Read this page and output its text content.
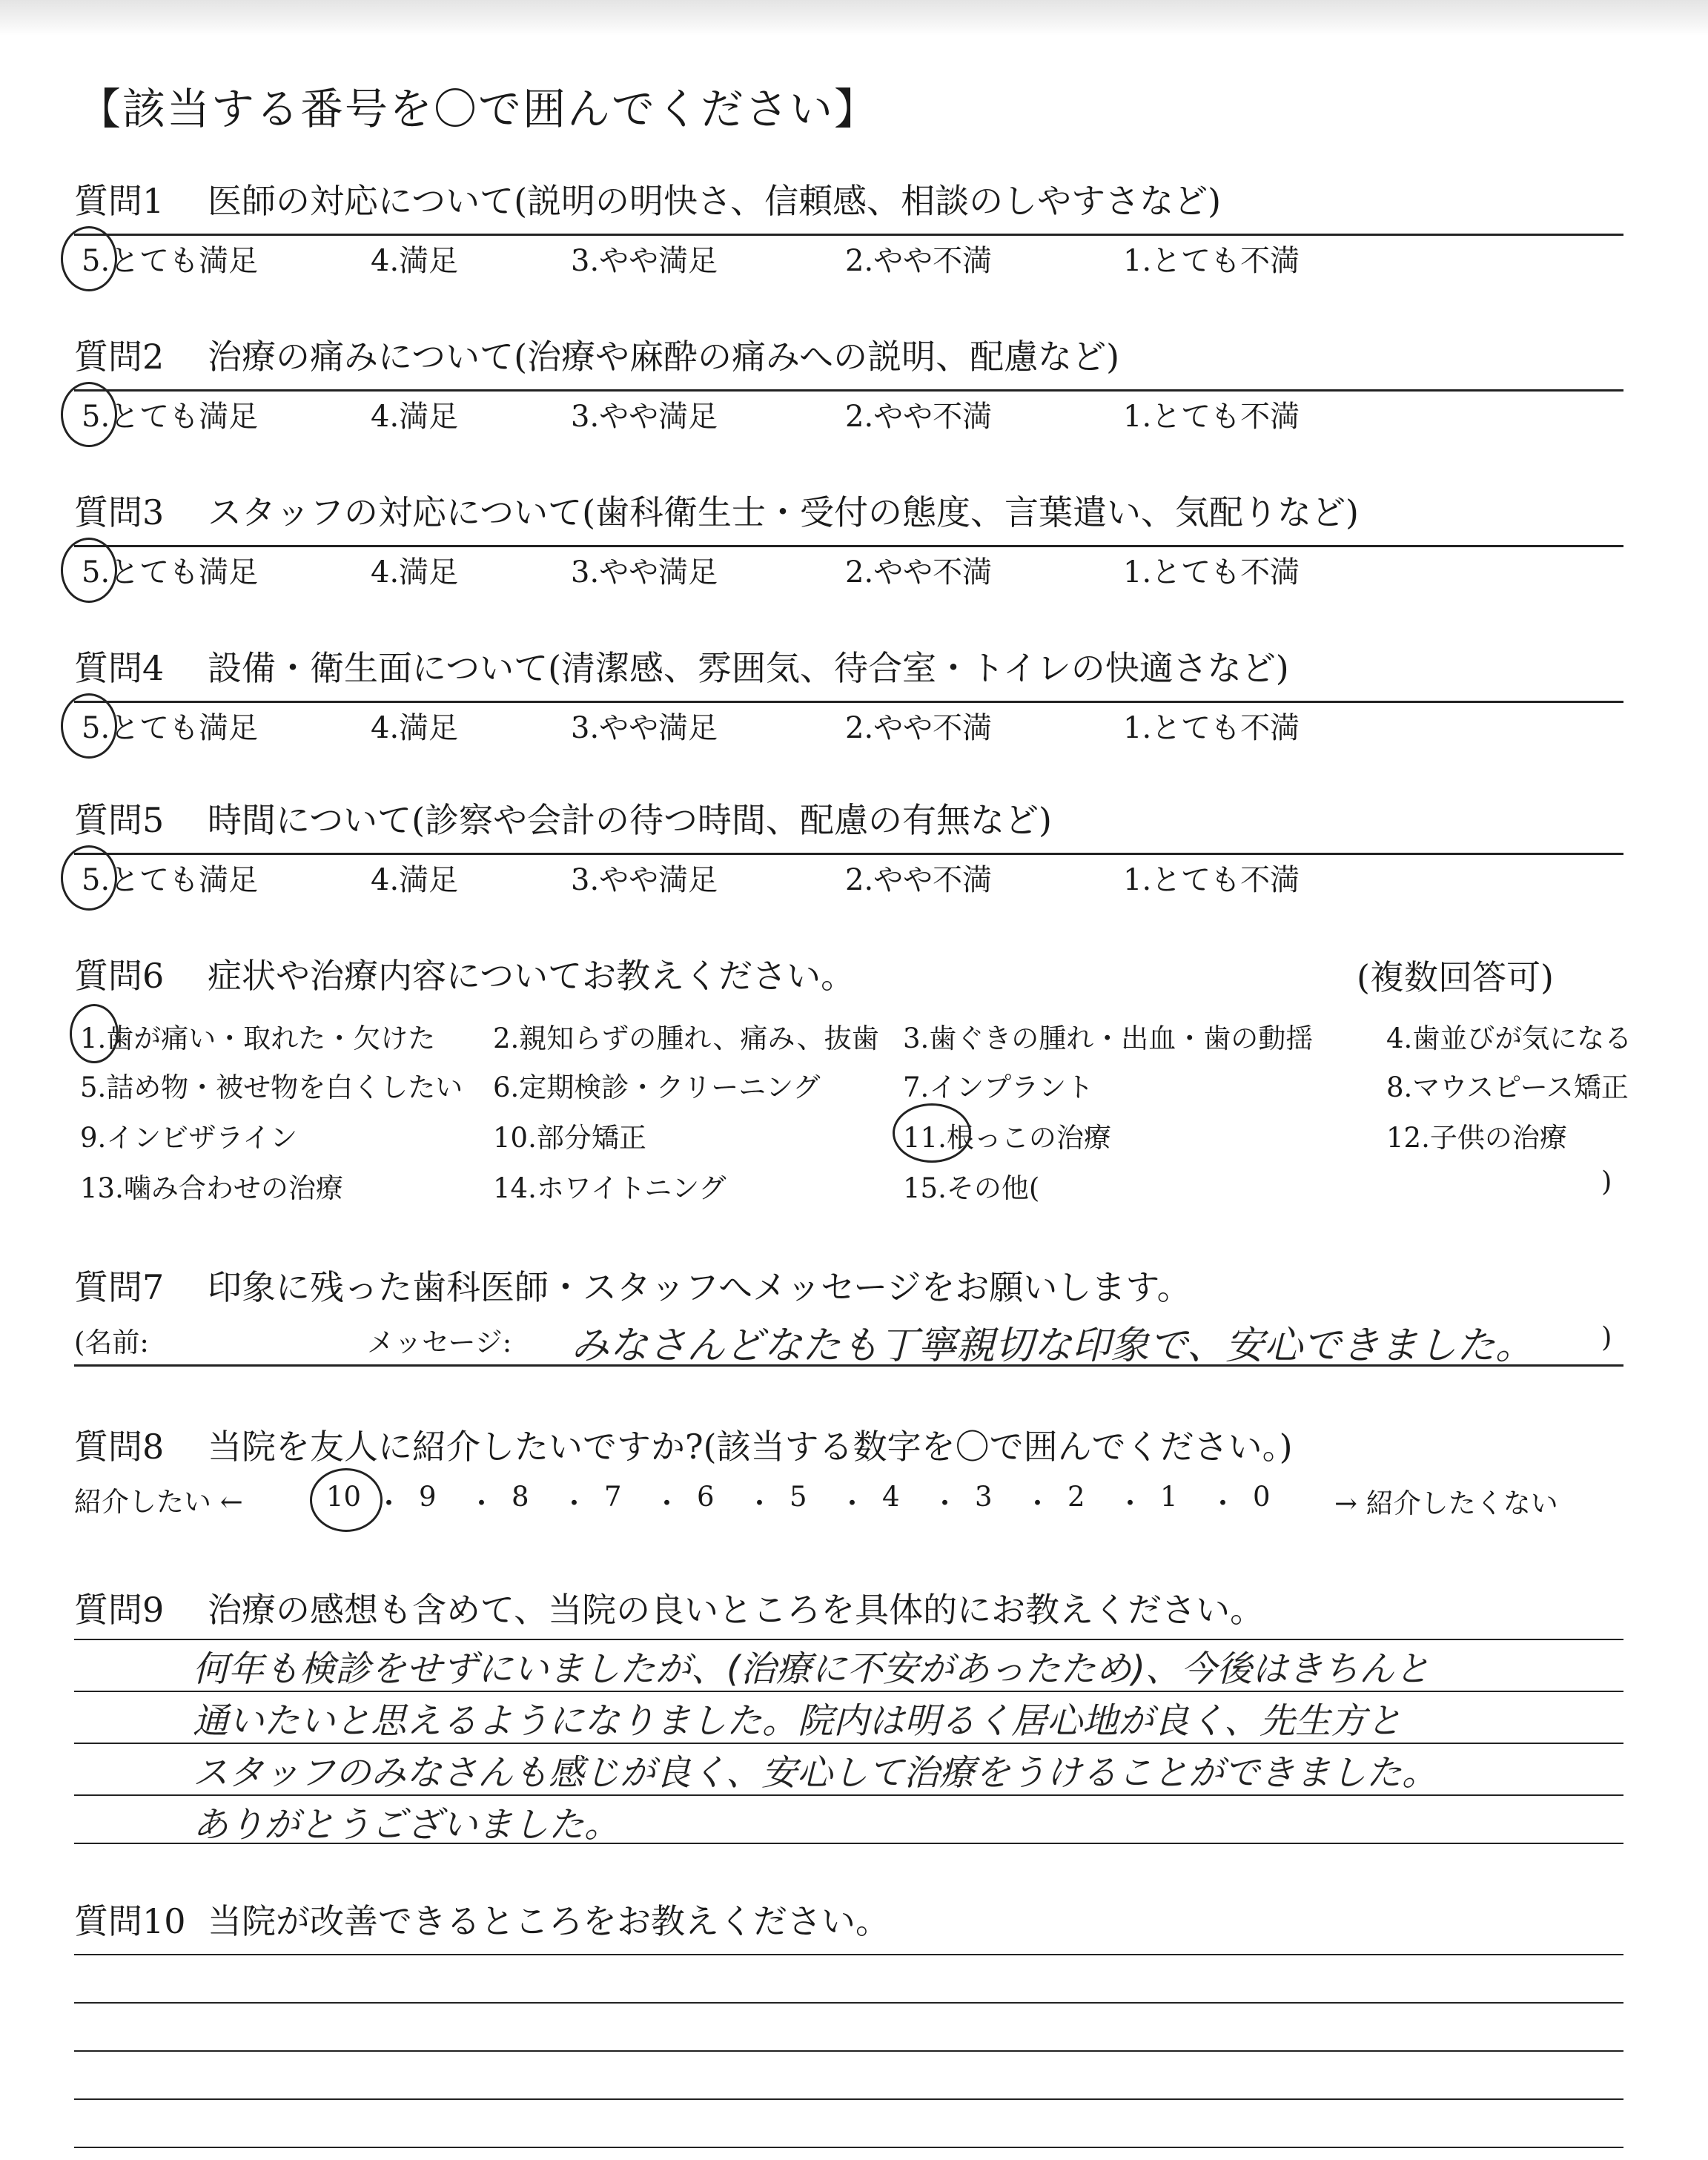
【該当する番号を〇で囲んでください】
質問1 医師の対応について(説明の明快さ、信頼感、相談のしやすさなど)
5.とても満足	4.満足	3.やや満足	2.やや不満	1.とても不満
質問2 治療の痛みについて(治療や麻酔の痛みへの説明、配慮など)
5.とても満足	4.満足	3.やや満足	2.やや不満	1.とても不満
質問3 スタッフの対応について(歯科衛生士・受付の態度、言葉遣い、気配りなど)
5.とても満足	4.満足	3.やや満足	2.やや不満	1.とても不満
質問4 設備・衛生面について(清潔感、雰囲気、待合室・トイレの快適さなど)
5.とても満足	4.満足	3.やや満足	2.やや不満	1.とても不満
質問5 時間について(診察や会計の待つ時間、配慮の有無など)
5.とても満足	4.満足	3.やや満足	2.やや不満	1.とても不満
質問6 症状や治療内容についてお教えください。	(複数回答可)
1.歯が痛い・取れた・欠けた 2.親知らずの腫れ、痛み、抜歯 3.歯ぐきの腫れ・出血・歯の動揺	4.歯並びが気になる
5.詰め物・被せ物を白くしたい 6.定期検診・クリーニング	7.インプラント	8.マウスピース矯正
9.インビザライン	10.部分矯正	11.根っこの治療	12.子供の治療
13.噛み合わせの治療	14.ホワイトニング	15.その他(	)
質問7 印象に残った歯科医師・スタッフへメッセージをお願いします。
(名前:	メッセージ: みなさんどなたも丁寧親切な印象で、安心できました。 )
質問8 当院を友人に紹介したいですか?(該当する数字を〇で囲んでください。)
紹介したい ←	10 ・ 9 ・ 8 ・ 7 ・ 6 ・ 5 ・ 4 ・ 3 ・ 2 ・ 1 ・ 0 → 紹介したくない
質問9 治療の感想も含めて、当院の良いところを具体的にお教えください。
何年も検診をせずにいましたが、(治療に不安があったため)、今後はきちんと
通いたいと思えるようになりました。院内は明るく居心地が良く、先生方と
スタッフのみなさんも感じが良く、安心して治療をうけることができました。
ありがとうございました。
質問10 当院が改善できるところをお教えください。
